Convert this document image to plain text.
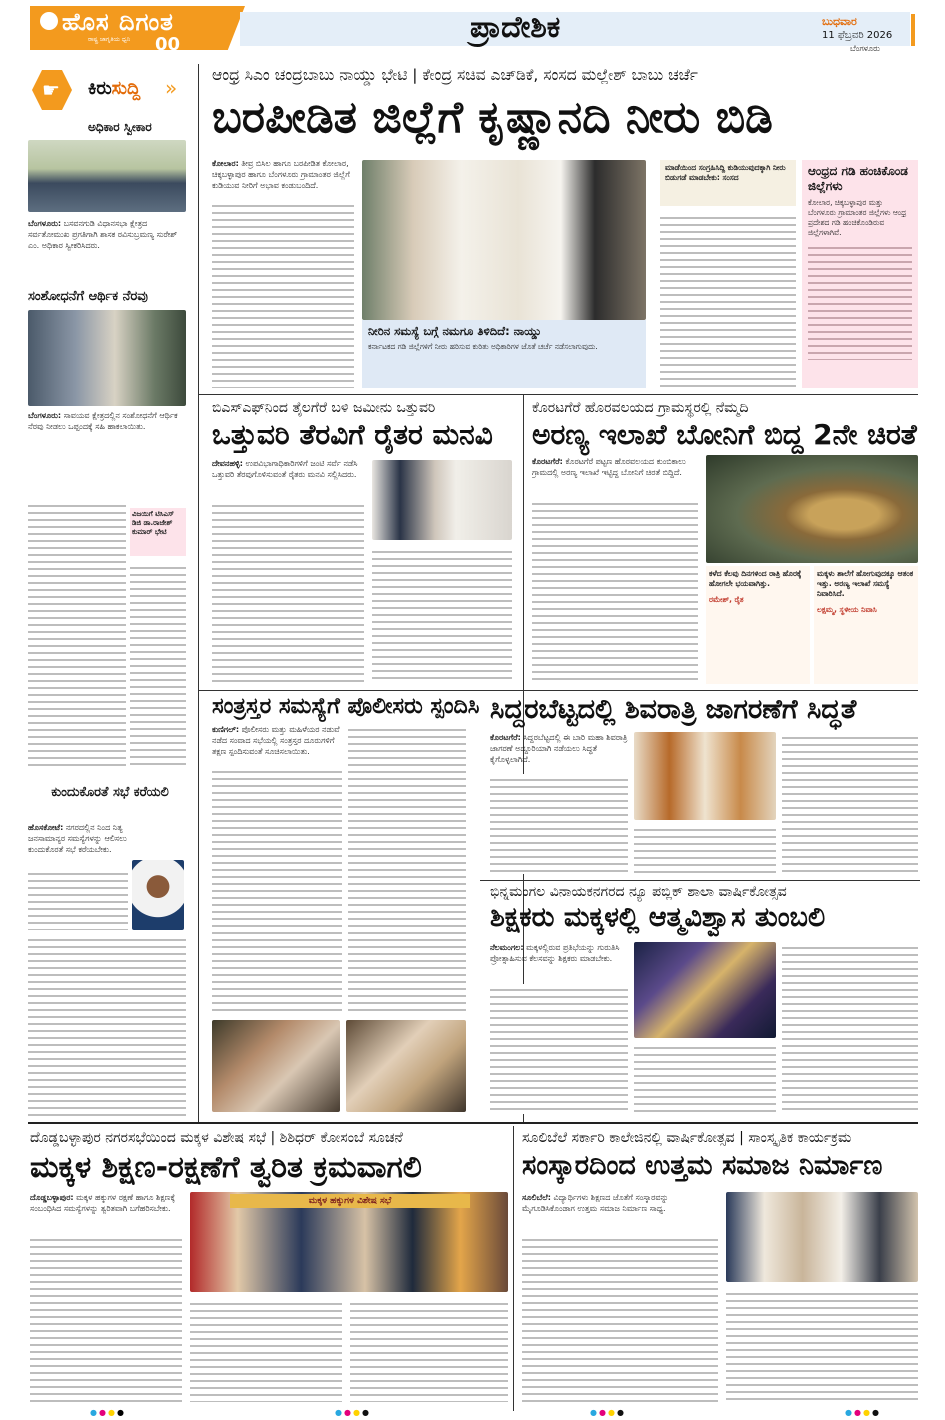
ಹೊಸ ದಿಗಂತ
ರಾಷ್ಟ್ರ ಜಾಗೃತಿಯ ಧ್ವನಿ 00	ಪ್ರಾದೇಶಿಕ	ಬುಧವಾರ
11 ಫೆಬ್ರವರಿ 2026
ಬೆಂಗಳೂರು
☛ ಕಿರುಸುದ್ದಿ »
ಅಧಿಕಾರ ಸ್ವೀಕಾರ
ಬೆಂಗಳೂರು: ಬಸವನಗುಡಿ ವಿಧಾನಸಭಾ ಕ್ಷೇತ್ರದ ಸರ್ವತೋಮುಖ ಪ್ರಗತಿಗಾಗಿ ಶಾಸಕ ರವಿಸುಬ್ರಮಣ್ಯ ಸುರೇಶ್ ಎಂ. ಅಧಿಕಾರ ಸ್ವೀಕರಿಸಿದರು.
ಸಂಶೋಧನೆಗೆ ಆರ್ಥಿಕ ನೆರವು
ಬೆಂಗಳೂರು: ಸಾವಯವ ಕ್ಷೇತ್ರದಲ್ಲಿನ ಸಂಶೋಧನೆಗೆ ಆರ್ಥಿಕ ನೆರವು ನೀಡಲು ಒಪ್ಪಂದಕ್ಕೆ ಸಹಿ ಹಾಕಲಾಯಿತು.
ವಿಜಯಿಗೆ ಟಿಸಿಎಸ್ ಡಿಜಿ ಡಾ.ರಾಜೇಶ್ ಕುಮಾರ್ ಭೇಟಿ
ಕುಂದುಕೊರತೆ ಸಭೆ ಕರೆಯಲಿ
ಹೊಸಕೋಟೆ: ನಗರದಲ್ಲಿನ ನಿಂದ ನಿತ್ಯ ಜನಸಾಮಾನ್ಯರ ಸಮಸ್ಯೆಗಳನ್ನು ಆಲಿಸಲು ಕುಂದುಕೊರತೆ ಸಭೆ ಕರೆಯಬೇಕು.
ಆಂಧ್ರ ಸಿಎಂ ಚಂದ್ರಬಾಬು ನಾಯ್ಡು ಭೇಟಿ | ಕೇಂದ್ರ ಸಚಿವ ಎಚ್‌ಡಿಕೆ, ಸಂಸದ ಮಲ್ಲೇಶ್ ಬಾಬು ಚರ್ಚೆ
ಬರಪೀಡಿತ ಜಿಲ್ಲೆಗೆ ಕೃಷ್ಣಾನದಿ ನೀರು ಬಿಡಿ
ಕೋಲಾರ: ತೀವ್ರ ಬಿಸಿಲ ಹಾಗೂ ಬರಪೀಡಿತ ಕೋಲಾರ, ಚಿಕ್ಕಬಳ್ಳಾಪುರ ಹಾಗೂ ಬೆಂಗಳೂರು ಗ್ರಾಮಾಂತರ ಜಿಲ್ಲೆಗೆ ಕುಡಿಯುವ ನೀರಿಗೆ ಅಭಾವ ಕಂಡುಬಂದಿದೆ.
ನೀರಿನ ಸಮಸ್ಯೆ ಬಗ್ಗೆ ನಮಗೂ ತಿಳಿದಿದೆ: ನಾಯ್ಡು
ಕರ್ನಾಟಕದ ಗಡಿ ಜಿಲ್ಲೆಗಳಿಗೆ ನೀರು ಹರಿಸುವ ಕುರಿತು ಅಧಿಕಾರಿಗಳ ಜೊತೆ ಚರ್ಚೆ ನಡೆಸಲಾಗುವುದು.
ಮಾಡೆಯಿಂದ ಸಂಗ್ರಹಿಸಿದ್ದಿ ಕುಡಿಯುವುದಕ್ಕಾಗಿ ನೀರು ಬಿಡುಗಡೆ ಮಾಡಬೇಕು: ಸಂಸದ	ಆಂಧ್ರದ ಗಡಿ ಹಂಚಿಕೊಂಡ ಜಿಲ್ಲೆಗಳು
ಕೋಲಾರ, ಚಿಕ್ಕಬಳ್ಳಾಪುರ ಮತ್ತು ಬೆಂಗಳೂರು ಗ್ರಾಮಾಂತರ ಜಿಲ್ಲೆಗಳು ಆಂಧ್ರ ಪ್ರದೇಶದ ಗಡಿ ಹಂಚಿಕೊಂಡಿರುವ ಜಿಲ್ಲೆಗಳಾಗಿವೆ.
ಬಿಎಸ್‌ಎಫ್‌ನಿಂದ ತೈಲಗೆರೆ ಬಳಿ ಜಮೀನು ಒತ್ತುವರಿ
ಒತ್ತುವರಿ ತೆರವಿಗೆ ರೈತರ ಮನವಿ
ದೇವನಹಳ್ಳಿ: ಉಪವಿಭಾಗಾಧಿಕಾರಿಗಳಿಗೆ ಜಂಟಿ ಸರ್ವೆ ನಡೆಸಿ ಒತ್ತುವರಿ ತೆರವುಗೊಳಿಸುವಂತೆ ರೈತರು ಮನವಿ ಸಲ್ಲಿಸಿದರು.
ಕೊರಟಗೆರೆ ಹೊರವಲಯದ ಗ್ರಾಮಸ್ಥರಲ್ಲಿ ನೆಮ್ಮದಿ
ಅರಣ್ಯ ಇಲಾಖೆ ಬೋನಿಗೆ ಬಿದ್ದ 2ನೇ ಚಿರತೆ
ಕೊರಟಗೆರೆ: ಕೊರಟಗೆರೆ ಪಟ್ಟಣ ಹೊರವಲಯದ ಕುಂಬಿಕಾಲು ಗ್ರಾಮದಲ್ಲಿ ಅರಣ್ಯ ಇಲಾಖೆ ಇಟ್ಟಿದ್ದ ಬೋನಿಗೆ ಚಿರತೆ ಬಿದ್ದಿದೆ.
ಕಳೆದ ಕೆಲವು ದಿನಗಳಿಂದ ರಾತ್ರಿ ಹೊರಕ್ಕೆ ಹೋಗಲೇ ಭಯವಾಗಿತ್ತು.
ರಮೇಶ್, ರೈತ
ಮಕ್ಕಳು ಶಾಲೆಗೆ ಹೋಗುವುದಕ್ಕೂ ಆತಂಕ ಇತ್ತು. ಅರಣ್ಯ ಇಲಾಖೆ ಸಮಸ್ಯೆ ನಿವಾರಿಸಿದೆ.
ಲಕ್ಷಮ್ಮ, ಸ್ಥಳೀಯ ನಿವಾಸಿ
ಸಂತ್ರಸ್ತರ ಸಮಸ್ಯೆಗೆ ಪೊಲೀಸರು ಸ್ಪಂದಿಸಿ
ಕುಣಿಗಲ್: ಪೊಲೀಸರು ಮತ್ತು ಮಹಿಳೆಯರ ನಡುವೆ ನಡೆದ ಸಂವಾದ ಸಭೆಯಲ್ಲಿ ಸಂತ್ರಸ್ತರ ದೂರುಗಳಿಗೆ ತಕ್ಷಣ ಸ್ಪಂದಿಸುವಂತೆ ಸೂಚಿಸಲಾಯಿತು.
ಸಿದ್ದರಬೆಟ್ಟದಲ್ಲಿ ಶಿವರಾತ್ರಿ ಜಾಗರಣೆಗೆ ಸಿದ್ಧತೆ
ಕೊರಟಗೆರೆ: ಸಿದ್ದರಬೆಟ್ಟದಲ್ಲಿ ಈ ಬಾರಿ ಮಹಾ ಶಿವರಾತ್ರಿ ಜಾಗರಣೆ ಅದ್ದೂರಿಯಾಗಿ ನಡೆಯಲು ಸಿದ್ಧತೆ ಕೈಗೊಳ್ಳಲಾಗಿದೆ.
ಭಿನ್ನಮಂಗಲ ವಿನಾಯಕನಗರದ ನ್ಯೂ ಪಬ್ಲಿಕ್ ಶಾಲಾ ವಾರ್ಷಿಕೋತ್ಸವ
ಶಿಕ್ಷಕರು ಮಕ್ಕಳಲ್ಲಿ ಆತ್ಮವಿಶ್ವಾಸ ತುಂಬಲಿ
ನೆಲಮಂಗಲ: ಮಕ್ಕಳಲ್ಲಿರುವ ಪ್ರತಿಭೆಯನ್ನು ಗುರುತಿಸಿ ಪ್ರೋತ್ಸಾಹಿಸುವ ಕೆಲಸವನ್ನು ಶಿಕ್ಷಕರು ಮಾಡಬೇಕು.
ದೊಡ್ಡಬಳ್ಳಾಪುರ ನಗರಸಭೆಯಿಂದ ಮಕ್ಕಳ ವಿಶೇಷ ಸಭೆ | ಶಿಶಿಧರ್ ಕೋಸಂಬೆ ಸೂಚನೆ
ಮಕ್ಕಳ ಶಿಕ್ಷಣ-ರಕ್ಷಣೆಗೆ ತ್ವರಿತ ಕ್ರಮವಾಗಲಿ
ದೊಡ್ಡಬಳ್ಳಾಪುರ: ಮಕ್ಕಳ ಹಕ್ಕುಗಳ ರಕ್ಷಣೆ ಹಾಗೂ ಶಿಕ್ಷಣಕ್ಕೆ ಸಂಬಂಧಿಸಿದ ಸಮಸ್ಯೆಗಳನ್ನು ತ್ವರಿತವಾಗಿ ಬಗೆಹರಿಸಬೇಕು.
ಮಕ್ಕಳ ಹಕ್ಕುಗಳ ವಿಶೇಷ ಸಭೆ
ಸೂಲಿಬೆಲೆ ಸರ್ಕಾರಿ ಕಾಲೇಜಿನಲ್ಲಿ ವಾರ್ಷಿಕೋತ್ಸವ | ಸಾಂಸ್ಕೃತಿಕ ಕಾರ್ಯಕ್ರಮ
ಸಂಸ್ಕಾರದಿಂದ ಉತ್ತಮ ಸಮಾಜ ನಿರ್ಮಾಣ
ಸೂಲಿಬೆಲೆ: ವಿದ್ಯಾರ್ಥಿಗಳು ಶಿಕ್ಷಣದ ಜೊತೆಗೆ ಸಂಸ್ಕಾರವನ್ನು ಮೈಗೂಡಿಸಿಕೊಂಡಾಗ ಉತ್ತಮ ಸಮಾಜ ನಿರ್ಮಾಣ ಸಾಧ್ಯ.
●●●●	●●●●	●●●●	●●●●
